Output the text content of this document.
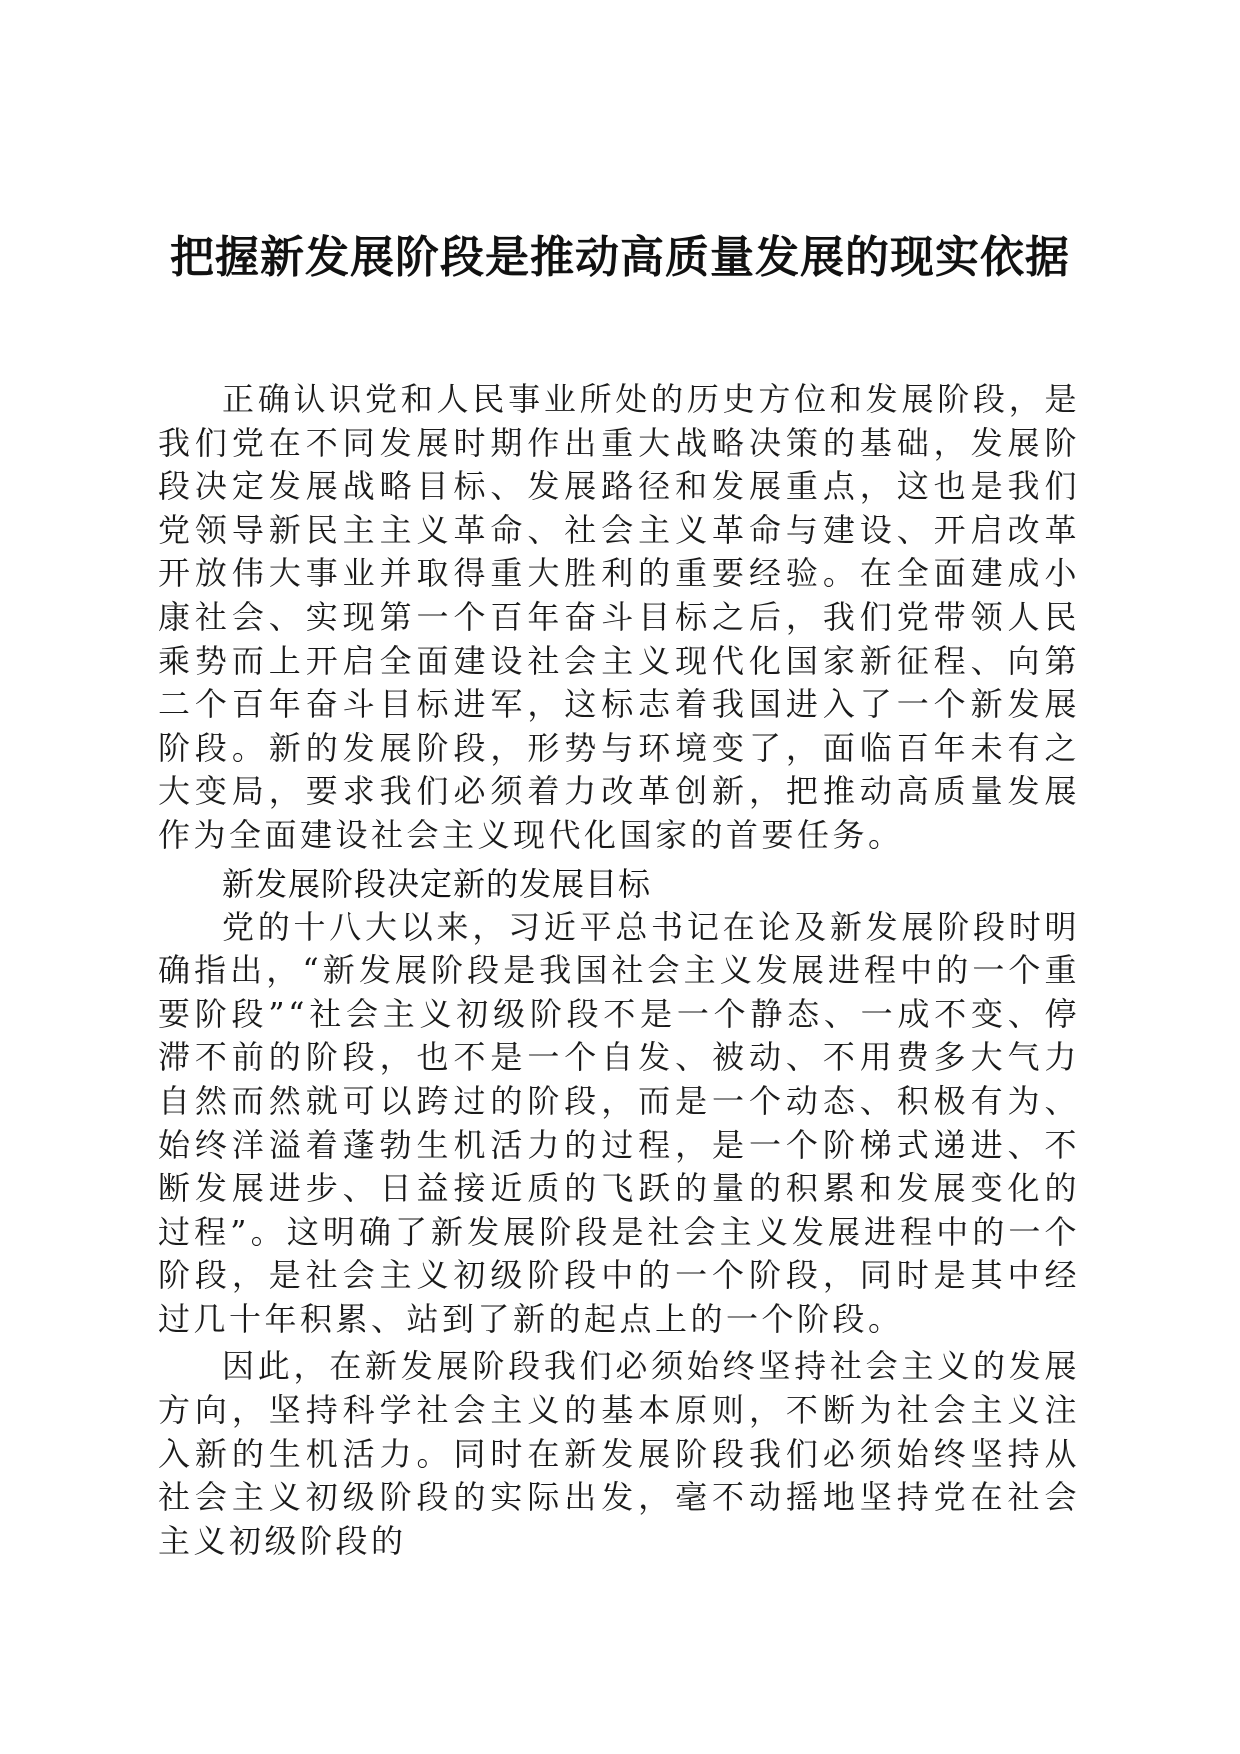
把握新发展阶段是推动高质量发展的现实依据

正确认识党和人民事业所处的历史方位和发展阶段，是我们党在不同发展时期作出重大战略决策的基础，发展阶段决定发展战略目标、发展路径和发展重点，这也是我们党领导新民主主义革命、社会主义革命与建设、开启改革开放伟大事业并取得重大胜利的重要经验。在全面建成小康社会、实现第一个百年奋斗目标之后，我们党带领人民乘势而上开启全面建设社会主义现代化国家新征程、向第二个百年奋斗目标进军，这标志着我国进入了一个新发展阶段。新的发展阶段，形势与环境变了，面临百年未有之大变局，要求我们必须着力改革创新，把推动高质量发展作为全面建设社会主义现代化国家的首要任务。

新发展阶段决定新的发展目标

党的十八大以来，习近平总书记在论及新发展阶段时明确指出，“新发展阶段是我国社会主义发展进程中的一个重要阶段”“社会主义初级阶段不是一个静态、一成不变、停滞不前的阶段，也不是一个自发、被动、不用费多大气力自然而然就可以跨过的阶段，而是一个动态、积极有为、始终洋溢着蓬勃生机活力的过程，是一个阶梯式递进、不断发展进步、日益接近质的飞跃的量的积累和发展变化的过程”。这明确了新发展阶段是社会主义发展进程中的一个阶段，是社会主义初级阶段中的一个阶段，同时是其中经过几十年积累、站到了新的起点上的一个阶段。

因此，在新发展阶段我们必须始终坚持社会主义的发展方向，坚持科学社会主义的基本原则，不断为社会主义注入新的生机活力。同时在新发展阶段我们必须始终坚持从社会主义初级阶段的实际出发，毫不动摇地坚持党在社会主义初级阶段的
